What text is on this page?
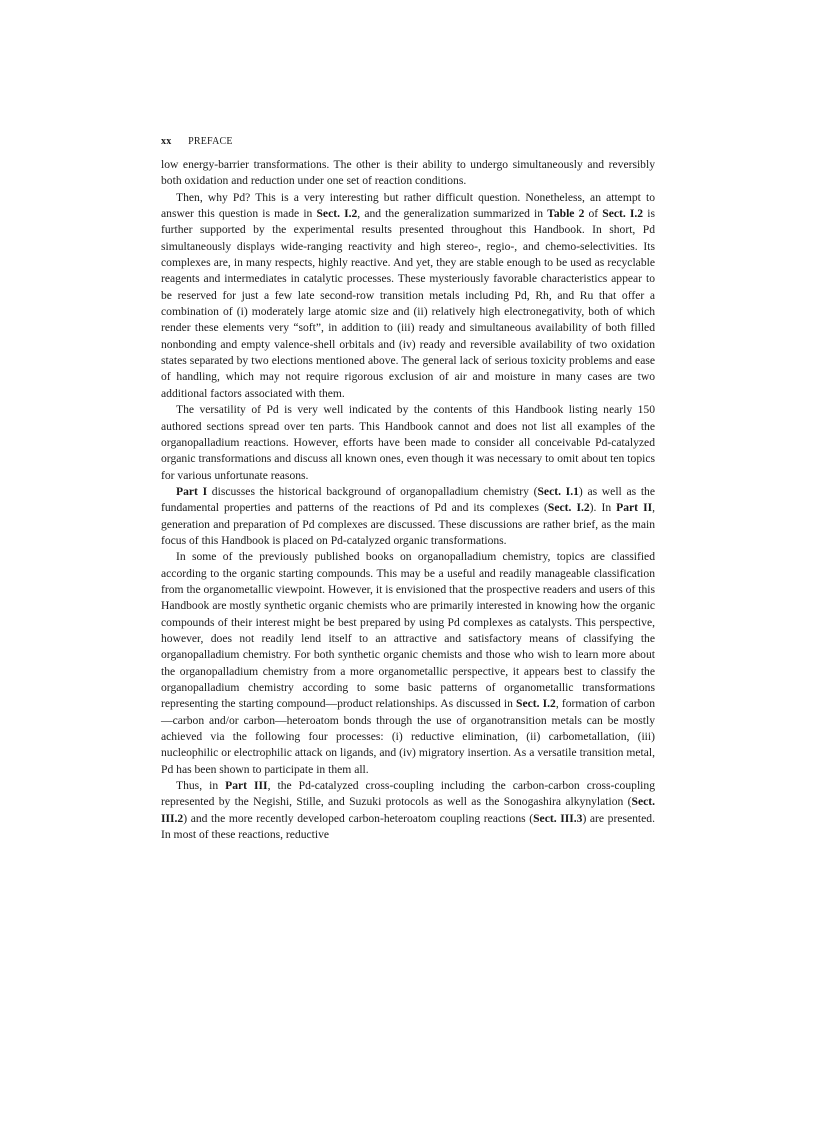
xx PREFACE

low energy-barrier transformations. The other is their ability to undergo simultaneously and reversibly both oxidation and reduction under one set of reaction conditions.

Then, why Pd? This is a very interesting but rather difficult question. Nonetheless, an attempt to answer this question is made in Sect. I.2, and the generalization summarized in Table 2 of Sect. I.2 is further supported by the experimental results presented throughout this Handbook. In short, Pd simultaneously displays wide-ranging reactivity and high stereo-, regio-, and chemo-selectivities. Its complexes are, in many respects, highly reactive. And yet, they are stable enough to be used as recyclable reagents and intermediates in catalytic processes. These mysteriously favorable characteristics appear to be reserved for just a few late second-row transition metals including Pd, Rh, and Ru that offer a combination of (i) moderately large atomic size and (ii) relatively high electronegativity, both of which render these elements very “soft”, in addition to (iii) ready and simultaneous availability of both filled nonbonding and empty valence-shell orbitals and (iv) ready and reversible availability of two oxidation states separated by two elections mentioned above. The general lack of serious toxicity problems and ease of handling, which may not require rigorous exclusion of air and moisture in many cases are two additional factors associated with them.

The versatility of Pd is very well indicated by the contents of this Handbook listing nearly 150 authored sections spread over ten parts. This Handbook cannot and does not list all examples of the organopalladium reactions. However, efforts have been made to consider all conceivable Pd-catalyzed organic transformations and discuss all known ones, even though it was necessary to omit about ten topics for various unfortunate reasons.

Part I discusses the historical background of organopalladium chemistry (Sect. I.1) as well as the fundamental properties and patterns of the reactions of Pd and its complexes (Sect. I.2). In Part II, generation and preparation of Pd complexes are discussed. These discussions are rather brief, as the main focus of this Handbook is placed on Pd-catalyzed organic transformations.

In some of the previously published books on organopalladium chemistry, topics are classified according to the organic starting compounds. This may be a useful and readily manageable classification from the organometallic viewpoint. However, it is envisioned that the prospective readers and users of this Handbook are mostly synthetic organic chemists who are primarily interested in knowing how the organic compounds of their interest might be best prepared by using Pd complexes as catalysts. This perspective, however, does not readily lend itself to an attractive and satisfactory means of classifying the organopalladium chemistry. For both synthetic organic chemists and those who wish to learn more about the organopalladium chemistry from a more organometallic perspective, it appears best to classify the organopalladium chemistry according to some basic patterns of organometallic transformations representing the starting compound—product relationships. As discussed in Sect. I.2, formation of carbon—carbon and/or carbon—heteroatom bonds through the use of organotransition metals can be mostly achieved via the following four processes: (i) reductive elimination, (ii) carbometallation, (iii) nucleophilic or electrophilic attack on ligands, and (iv) migratory insertion. As a versatile transition metal, Pd has been shown to participate in them all.

Thus, in Part III, the Pd-catalyzed cross-coupling including the carbon-carbon cross-coupling represented by the Negishi, Stille, and Suzuki protocols as well as the Sonogashira alkynylation (Sect. III.2) and the more recently developed carbon-heteroatom coupling reactions (Sect. III.3) are presented. In most of these reactions, reductive
